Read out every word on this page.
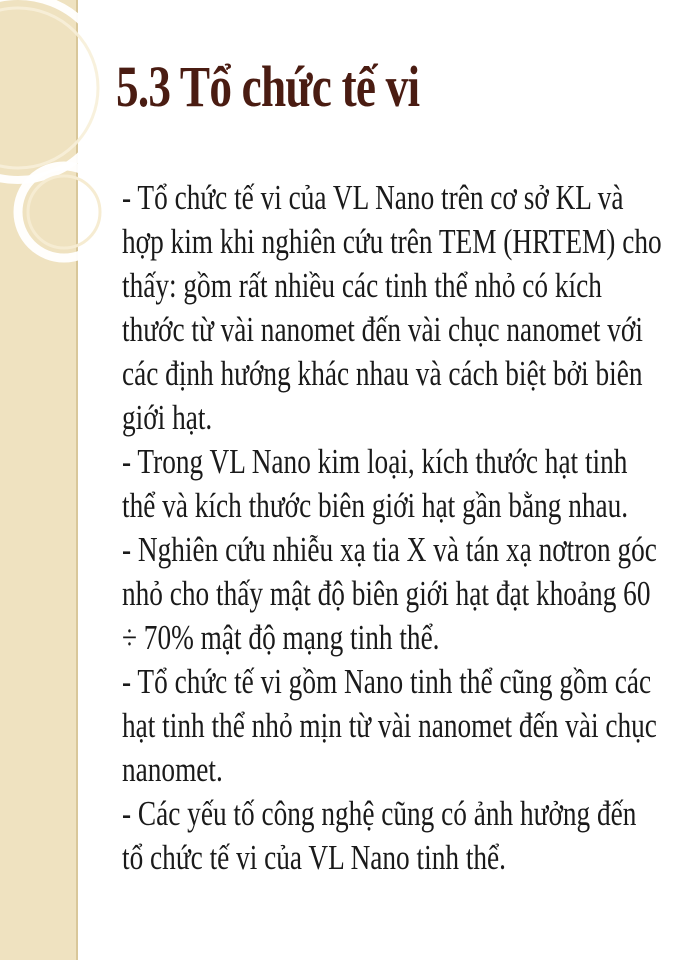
5.3 Tổ chức tế vi

- Tổ chức tế vi của VL Nano trên cơ sở KL và hợp kim khi nghiên cứu trên TEM (HRTEM) cho thấy: gồm rất nhiều các tinh thể nhỏ có kích thước từ vài nanomet đến vài chục nanomet với các định hướng khác nhau và cách biệt bởi biên giới hạt.

- Trong VL Nano kim loại, kích thước hạt tinh thể và kích thước biên giới hạt gần bằng nhau.

- Nghiên cứu nhiễu xạ tia X và tán xạ nơtron góc nhỏ cho thấy mật độ biên giới hạt đạt khoảng 60 ÷ 70% mật độ mạng tinh thể.

- Tổ chức tế vi gồm Nano tinh thể cũng gồm các hạt tinh thể nhỏ mịn từ vài nanomet đến vài chục nanomet.

- Các yếu tố công nghệ cũng có ảnh hưởng đến tổ chức tế vi của VL Nano tinh thể.
